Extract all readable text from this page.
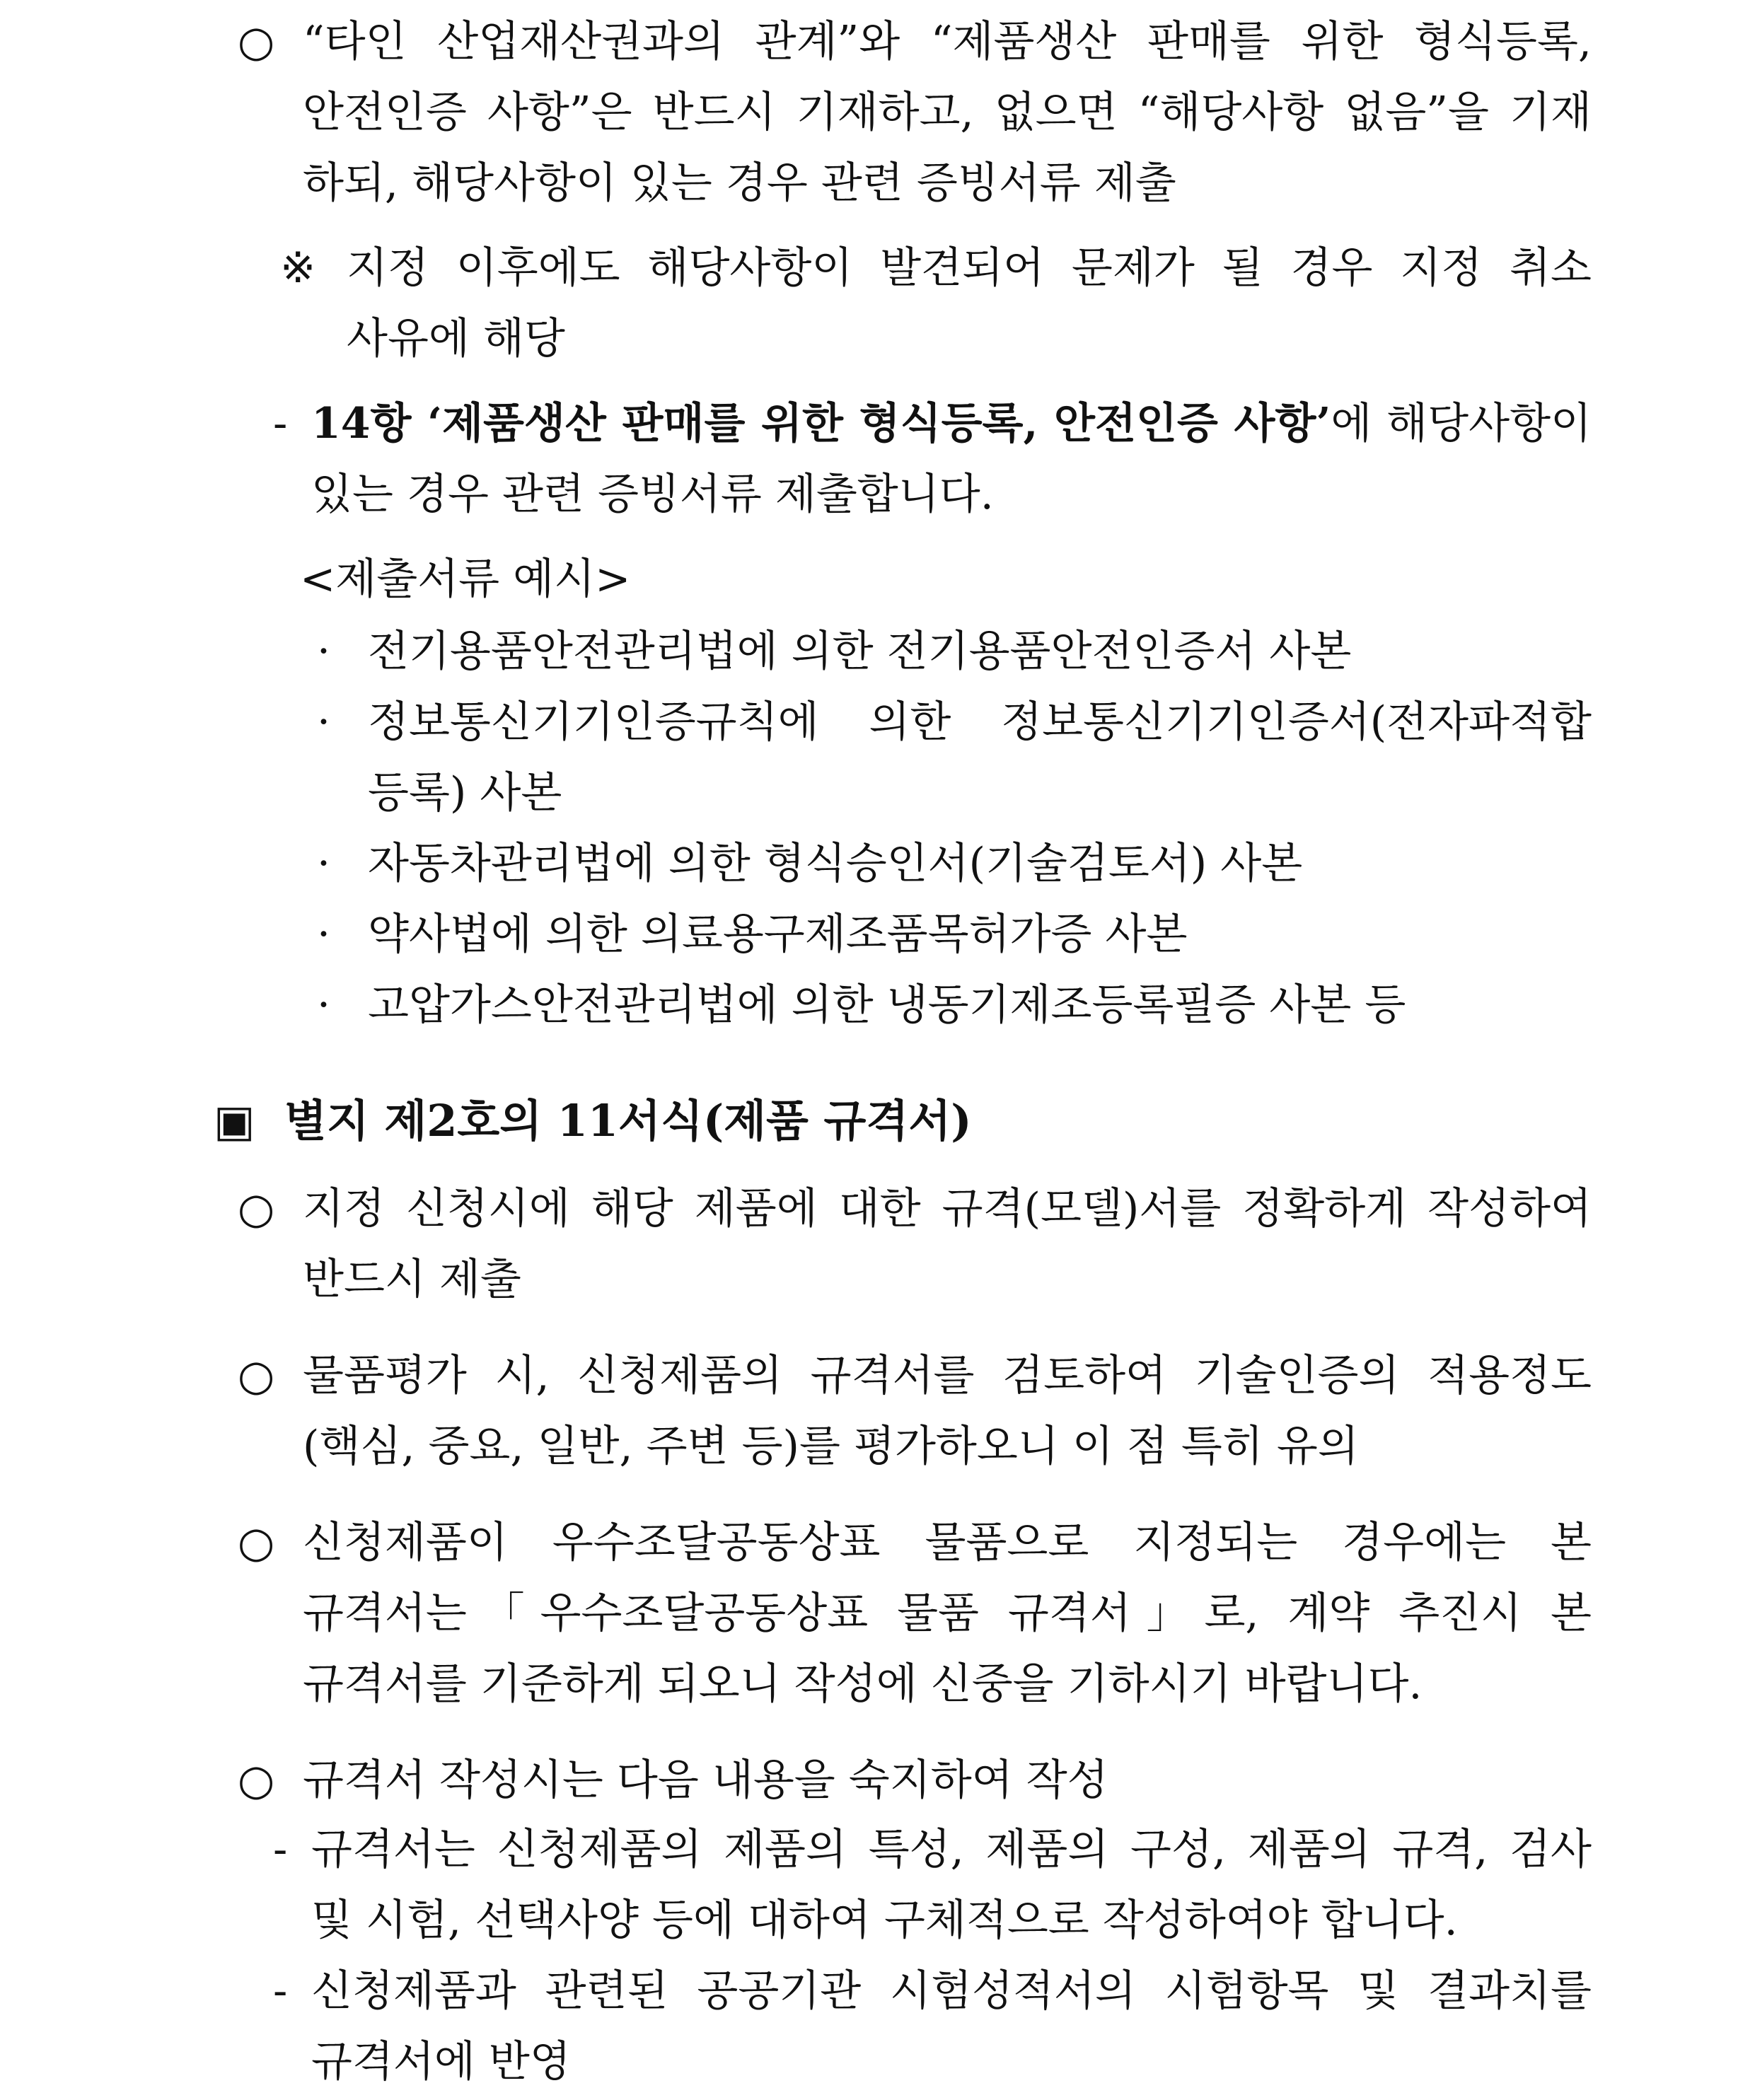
○ “타인 산업재산권과의 관계”와 “제품생산 판매를 위한 형식등록,
안전인증 사항”은 반드시 기재하고, 없으면 “해당사항 없음”을 기재
하되, 해당사항이 있는 경우 관련 증빙서류 제출
※ 지정 이후에도 해당사항이 발견되어 문제가 될 경우 지정 취소
사유에 해당
- 14항 ‘제품생산 판매를 위한 형식등록, 안전인증 사항’에 해당사항이
있는 경우 관련 증빙서류 제출합니다.
<제출서류 예시>
· 전기용품안전관리법에 의한 전기용품안전인증서 사본
· 정보통신기기인증규칙에 의한 정보통신기기인증서(전자파적합
등록) 사본
· 자동차관리법에 의한 형식승인서(기술검토서) 사본
· 약사법에 의한 의료용구제조품목허가증 사본
· 고압가스안전관리법에 의한 냉동기제조등록필증 사본 등
▣ 별지 제2호의 11서식(제품 규격서)
○ 지정 신청시에 해당 제품에 대한 규격(모델)서를 정확하게 작성하여
반드시 제출
○ 물품평가 시, 신청제품의 규격서를 검토하여 기술인증의 적용정도
(핵심, 중요, 일반, 주변 등)를 평가하오니 이 점 특히 유의
○ 신청제품이 우수조달공동상표 물품으로 지정되는 경우에는 본
규격서는「우수조달공동상표 물품 규격서」로, 계약 추진시 본
규격서를 기준하게 되오니 작성에 신중을 기하시기 바랍니다.
○ 규격서 작성시는 다음 내용을 숙지하여 작성
- 규격서는 신청제품의 제품의 특성, 제품의 구성, 제품의 규격, 검사
및 시험, 선택사양 등에 대하여 구체적으로 작성하여야 합니다.
- 신청제품과 관련된 공공기관 시험성적서의 시험항목 및 결과치를
규격서에 반영
